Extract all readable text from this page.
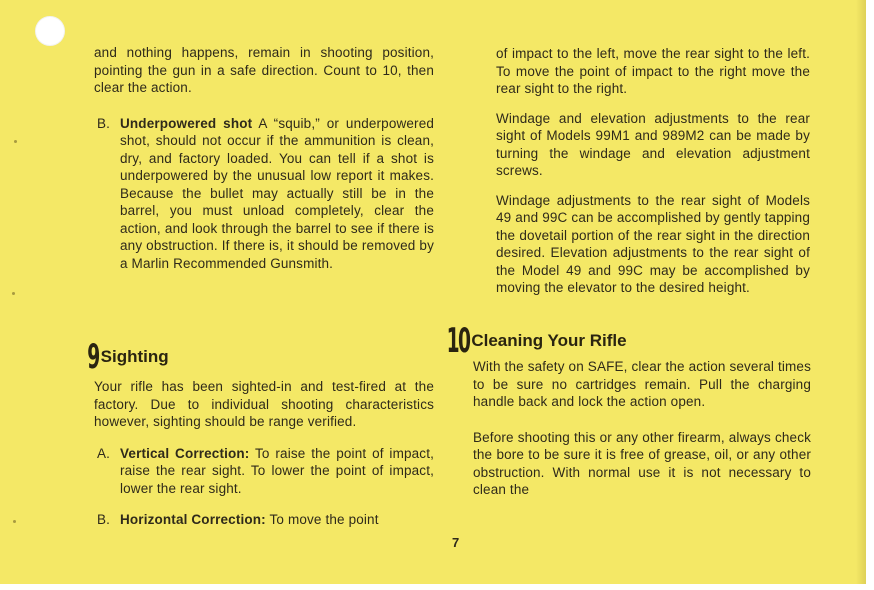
and nothing happens, remain in shooting position, pointing the gun in a safe direction. Count to 10, then clear the action.

B. Underpowered shot A “squib,” or underpowered shot, should not occur if the ammunition is clean, dry, and factory loaded. You can tell if a shot is underpowered by the unusual low report it makes. Because the bullet may actually still be in the barrel, you must unload completely, clear the action, and look through the barrel to see if there is any obstruction. If there is, it should be removed by a Marlin Recommended Gunsmith.

9 Sighting

Your rifle has been sighted-in and test-fired at the factory. Due to individual shooting characteristics however, sighting should be range verified.

A. Vertical Correction: To raise the point of impact, raise the rear sight. To lower the point of impact, lower the rear sight.

B. Horizontal Correction: To move the point

of impact to the left, move the rear sight to the left. To move the point of impact to the right move the rear sight to the right.

Windage and elevation adjustments to the rear sight of Models 99M1 and 989M2 can be made by turning the windage and elevation adjustment screws.

Windage adjustments to the rear sight of Models 49 and 99C can be accomplished by gently tapping the dovetail portion of the rear sight in the direction desired. Elevation adjustments to the rear sight of the Model 49 and 99C may be accomplished by moving the elevator to the desired height.

10 Cleaning Your Rifle

With the safety on SAFE, clear the action several times to be sure no cartridges remain. Pull the charging handle back and lock the action open.

Before shooting this or any other firearm, always check the bore to be sure it is free of grease, oil, or any other obstruction. With normal use it is not necessary to clean the

7
